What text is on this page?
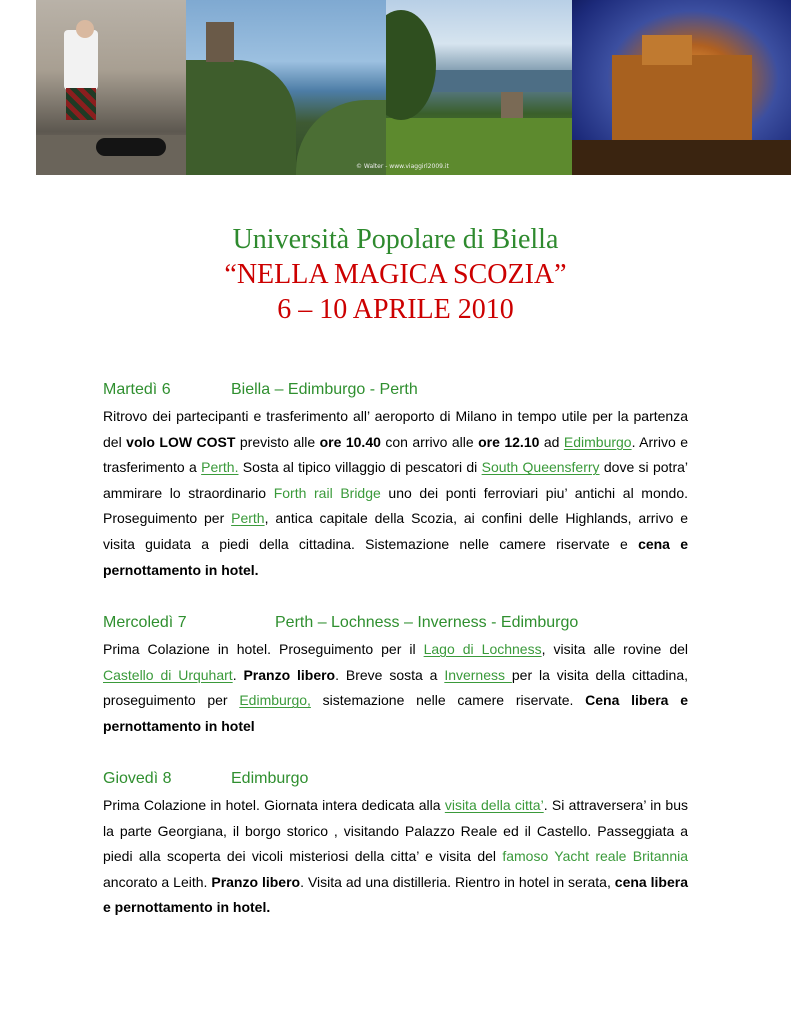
© Walter - www.viaggirl2009.it
Università Popolare di Biella
“NELLA MAGICA SCOZIA”
6 – 10 APRILE 2010
Martedì 6	Biella – Edimburgo - Perth
Ritrovo dei partecipanti e trasferimento all’ aeroporto di Milano in tempo utile per la partenza del volo LOW COST previsto alle ore 10.40 con arrivo alle ore 12.10 ad Edimburgo. Arrivo e trasferimento a Perth. Sosta al tipico villaggio di pescatori di South Queensferry dove si potra’ ammirare lo straordinario Forth rail Bridge uno dei ponti ferroviari piu’ antichi al mondo. Proseguimento per Perth, antica capitale della Scozia, ai confini delle Highlands, arrivo e visita guidata a piedi della cittadina. Sistemazione nelle camere riservate e cena e pernottamento in hotel.
Mercoledì 7	Perth – Lochness – Inverness - Edimburgo
Prima Colazione in hotel. Proseguimento per il Lago di Lochness, visita alle rovine del Castello di Urquhart. Pranzo libero. Breve sosta a Inverness per la visita della cittadina, proseguimento per Edimburgo, sistemazione nelle camere riservate. Cena libera e pernottamento in hotel
Giovedì 8	Edimburgo
Prima Colazione in hotel. Giornata intera dedicata alla visita della citta’. Si attraversera’ in bus la parte Georgiana, il borgo storico , visitando Palazzo Reale ed il Castello. Passeggiata a piedi alla scoperta dei vicoli misteriosi della citta’ e visita del famoso Yacht reale Britannia ancorato a Leith. Pranzo libero. Visita ad una distilleria. Rientro in hotel in serata, cena libera e pernottamento in hotel.
